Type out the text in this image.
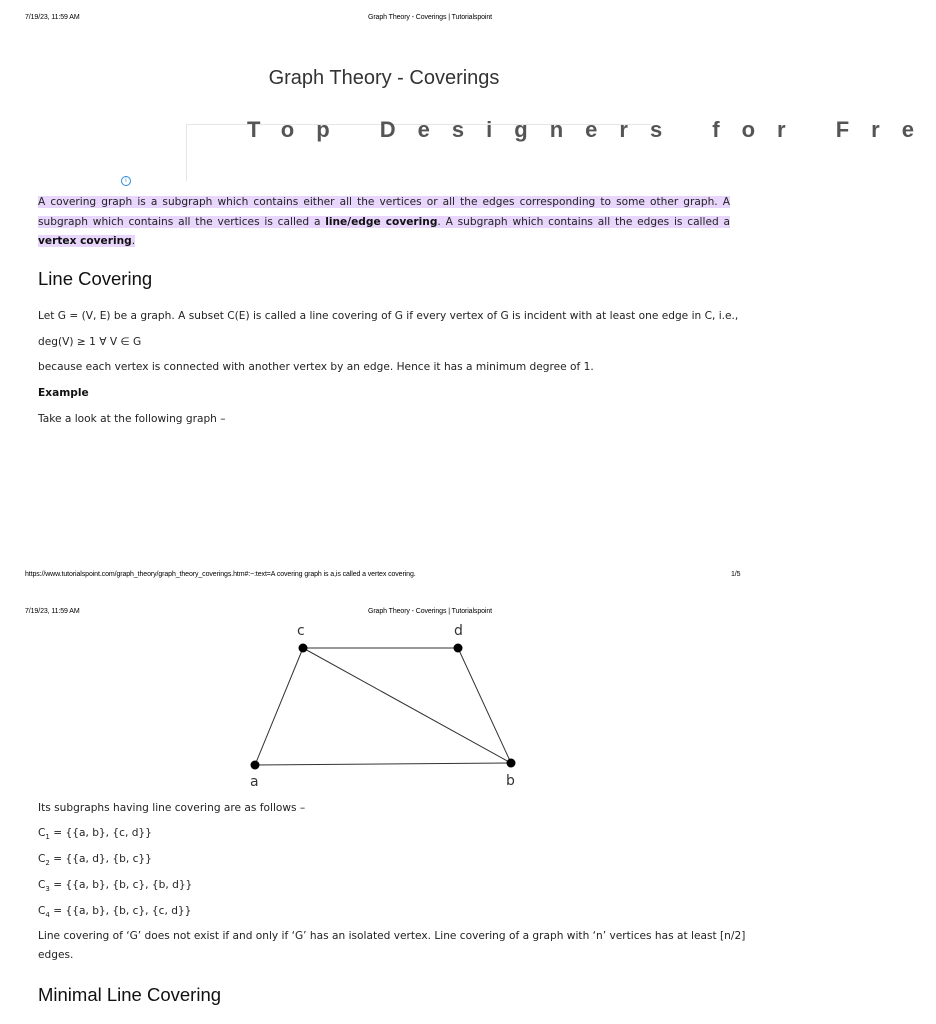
7/19/23, 11:59 AM	Graph Theory - Coverings | Tutorialspoint
Graph Theory - Coverings
Top Designers for Fre
i
A covering graph is a subgraph which contains either all the vertices or all the edges corresponding to some other graph. A subgraph which contains all the vertices is called a line/edge covering. A subgraph which contains all the edges is called a vertex covering.
Line Covering
Let G = (V, E) be a graph. A subset C(E) is called a line covering of G if every vertex of G is incident with at least one edge in C, i.e.,
deg(V) ≥ 1 ∀ V ∈ G
because each vertex is connected with another vertex by an edge. Hence it has a minimum degree of 1.
Example
Take a look at the following graph –
https://www.tutorialspoint.com/graph_theory/graph_theory_coverings.htm#:~:text=A covering graph is a,is called a vertex covering.	1/5
7/19/23, 11:59 AM	Graph Theory - Coverings | Tutorialspoint
c	d
a	b
Its subgraphs having line covering are as follows –
$C_1 = \{\{a$, b}, {c, d}}
$C_2 = \{\{a$, d}, {b, c}}
$C_3 = \{\{a$, b}, {b, c}, {b, d}}
$C_4 = \{\{a$, b}, {b, c}, {c, d}}
Line covering of ‘G’ does not exist if and only if ‘G’ has an isolated vertex. Line covering of a graph with ‘n’ vertices has at least [n/2]
edges.
Minimal Line Covering
